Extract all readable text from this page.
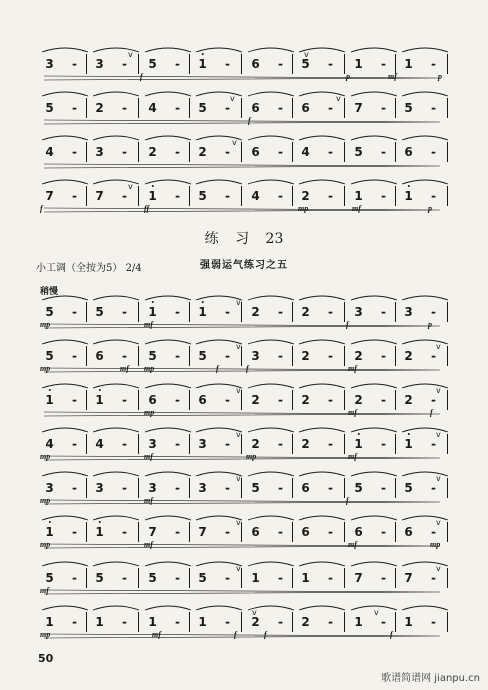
3 - 3 - 5 - 1 - 6 - 5 - 1 - 1 -
f	p	mf	p
v	v
5 - 2 - 4 - 5 - 6 - 6 - 7 - 5 -
f
v	v
4 - 3 - 2 - 2 - 6 - 4 - 5 - 6 -
v
7 - 7 - 1 - 5 - 4 - 2 - 1 - 1 -
f	ff	mp	mf	p
v
5 - 5 - 1 - 1 - 2 - 2 - 3 - 3 -
mp	mf	f	p
v
5 - 6 - 5 - 5 - 3 - 2 - 2 - 2 -
mp	mf mp	f	f	mf
v	v
1 - 1 - 6 - 6 - 2 - 2 - 2 - 2 -
mp	mf	f
v	v
4 - 4 - 3 - 3 - 2 - 2 - 1 - 1 -
mp	mf	mp	mf
v	v
3 - 3 - 3 - 3 - 5 - 6 - 5 - 5 -
mp	mf	f
v	v
1 - 1 - 7 - 7 - 6 - 6 - 6 - 6 -
mp	mf	mf	mp
v	v
5 - 5 - 5 - 5 - 1 - 1 - 7 - 7 -
mf
v	v
1 - 1 - 1 - 1 - 2 - 2 - 1 - 1 -
mp	mf	f	f	f
v	v
练 习 23
强弱运气练习之五
小工调（全按为5） 2/4
稍慢
50
歌谱简谱网 jianpu.cn
